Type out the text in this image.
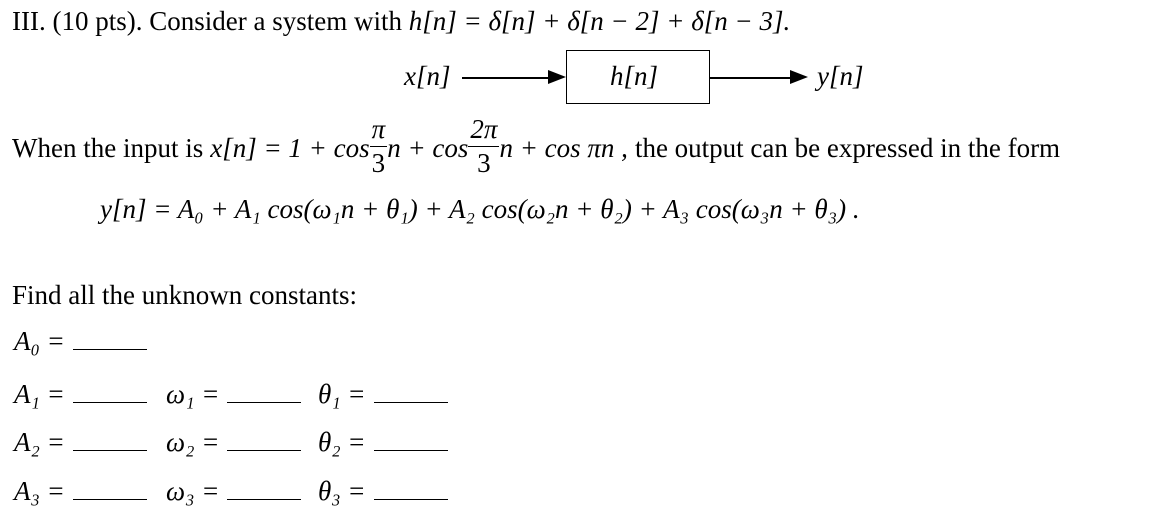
III. (10 pts). Consider a system with h[n] = δ[n] + δ[n − 2] + δ[n − 3].
x[n]	h[n]	y[n]
When the input is $x[n] = 1 + \cos \frac{\pi}{3}$ $n + \cos \frac{2\pi}{3}$ n + cos πn , the output can be expressed in the form
y[n] = A₀ + A₁ cos(ω₁n + θ₁) + A₂ cos(ω₂n + θ₂) + A₃ cos(ω₃n + θ₃) .
Find all the unknown constants:
A₀ =
A₁ =	ω₁ =	θ₁ =
A₂ =	ω₂ =	θ₂ =
A₃ =	ω₃ =	θ₃ =
